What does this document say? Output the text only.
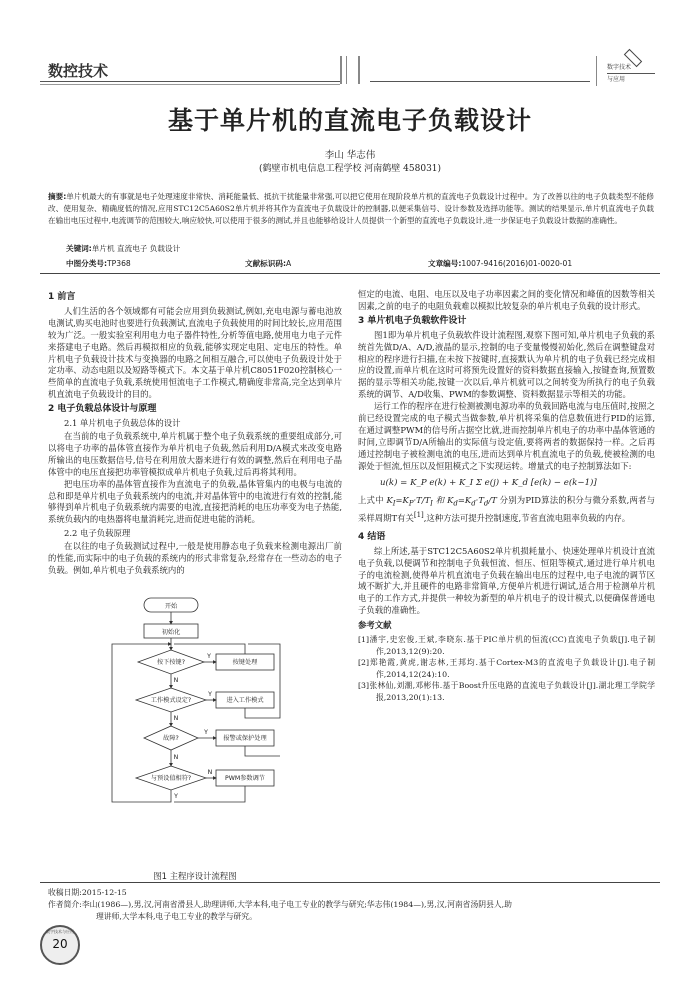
数控技术	数字技术
与应用
基于单片机的直流电子负载设计
李山 华志伟
(鹤壁市机电信息工程学校 河南鹤壁 458031)
摘要:单片机最大的有事就是电子处理速度非常快、消耗能量低、抵抗干扰能量非常强,可以把它使用在现阶段单片机的直流电子负载设计过程中。为了改善以往的电子负载类型不能修改、使用复杂、精确度低的情况,应用STC12C5A60S2单片机并将其作为直流电子负载设计的控制器,以便采集信号、设计参数及选择功能等。测试的结果显示,单片机直流电子负载在输出电压过程中,电流调节的范围较大,响应较快,可以使用于很多的测试,并且也能够给设计人员提供一个新型的直流电子负载设计,进一步保证电子负载设计数据的准确性。
关键词:单片机 直流电子 负载设计
中图分类号:TP368	文献标识码:A	文章编号:1007-9416(2016)01-0020-01
1 前言

人们生活的各个领域都有可能会应用到负载测试,例如,充电电源与蓄电池放电测试,购买电池时也要进行负载测试,直流电子负载使用的时间比较长,应用范围较为广泛。一般实验室利用电力电子器件特性,分析等值电路,使用电力电子元件来搭建电子电路。然后再模拟相应的负载,能够实现定电阻、定电压的特性。单片机电子负载设计技术与变换器的电路之间相互融合,可以使电子负载设计处于定功率、动态电阻以及短路等模式下。本文基于单片机C8051F020控制核心一些简单的直流电子负载,系统使用恒流电子工作模式,精确度非常高,完全达到单片机直流电子负载设计的目的。

2 电子负载总体设计与原理
2.1 单片机电子负载总体的设计

在当前的电子负载系统中,单片机属于整个电子负载系统的重要组成部分,可以将电子功率的晶体管直接作为单片机电子负载,然后利用D/A模式来改变电路所输出的电压数据信号,信号在利用放大器来进行有效的调整,然后在利用电子晶体管中的电压直接把功率管模拟成单片机电子负载,过后再将其利用。

把电压功率的晶体管直接作为直流电子的负载,晶体管集内的电极与电流的总和即是单片机电子负载系统内的电流,并对晶体管中的电流进行有效的控制,能够得到单片机电子负载系统内需要的电流,直接把消耗的电压功率变为电子热能,系统负载内的电热器将电量消耗完,进而促进电能的消耗。

2.2 电子负载原理

在以往的电子负载测试过程中,一般是使用静态电子负载来检测电源出厂前的性能,而实际中的电子负载的系统内的形式非常复杂,经常存在一些动态的电子负载。例如,单片机电子负载系统内的

开始
初始化
按下按键?	按键处理
工作模式设定?	进入工作模式
故障?	报警或保护处理
与预设值相符?	PWM参数调节
Y
N
Y
N
Y
N
N
Y
图1 主程序设计流程图

恒定的电流、电阻、电压以及电子功率因素之间的变化情况和峰值的因数等相关因素,之前的电子的电阻负载难以模拟比较复杂的单片机电子负载的设计形式。

3 单片机电子负载软件设计

图1即为单片机电子负载软件设计流程图,观察下图可知,单片机电子负载的系统首先做D/A、A/D,液晶的显示,控制的电子变量慢慢初始化,然后在调整键盘对相应的程序进行扫描,在未按下按键时,直接默认为单片机的电子负载已经完成相应的设置,而单片机在这时可将预先设置好的资料数据直接输入,按键查询,预置数据的显示等相关功能,按键一次以后,单片机就可以之间转变为所执行的电子负载系统的调节、A/D收集、PWM的参数调整、资料数据显示等相关的功能。

运行工作的程序在进行检测被测电源功率的负载回路电流与电压值时,按照之前已经设置完成的电子模式当做参数,单片机将采集的信息数值进行PID的运算,在通过调整PWM的信号所占据空比就,进而控制单片机电子的功率中晶体管通的时间,立即调节D/A所输出的实际值与设定值,要将两者的数据保持一样。之后再通过控制电子被检测电流的电压,进而达到单片机直流电子的负载,使被检测的电源处于恒流,恒压以及恒阻模式之下实现运转。增量式的电子控制算法如下:

u(k) = K_P e(k) + K_I Σ e(j) + K_d [e(k) − e(k−1)]

上式中 $K_I=K_P\cdot T/T_I$ 和 $K_d=K_d\cdot T_d/T$ 分别为PID算法的积分与微分系数,两者与采样周期T有关[1],这种方法可提升控制速度,节省直流电阻率负载的内存。

4 结语

综上所述,基于STC12C5A60S2单片机损耗量小、快速处理单片机设计直流电子负载,以便调节和控制电子负载恒流、恒压、恒阻等模式,通过进行单片机电子的电流检测,使得单片机直流电子负载在输出电压的过程中,电子电流的调节区域不断扩大,并且硬件的电路非常简单,方便单片机进行调试,适合用于检测单片机电子的工作方式,并提供一种较为新型的单片机电子的设计模式,以便确保普通电子负载的准确性。

参考文献
[1]潘宇,史宏俊,王斌,李晓东.基于PIC单片机的恒流(CC)直流电子负载[J].电子制作,2013,12(9):20.
[2]郑艳霞,黄虎,谢志林,王邦均.基于Cortex-M3的直流电子负载设计[J].电子制作,2014,12(24):10.
[3]张林仙,刘潮,邓彬伟.基于Boost升压电路的直流电子负载设计[J].湖北理工学院学报,2013,20(1):13.
收稿日期:2015-12-15
作者简介:李山(1986—),男,汉,河南省滑县人,助理讲师,大学本科,电子电工专业的教学与研究;华志伟(1984—),男,汉,河南省汤阴县人,助
理讲师,大学本科,电子电工专业的教学与研究。
数字技术与应用
20
